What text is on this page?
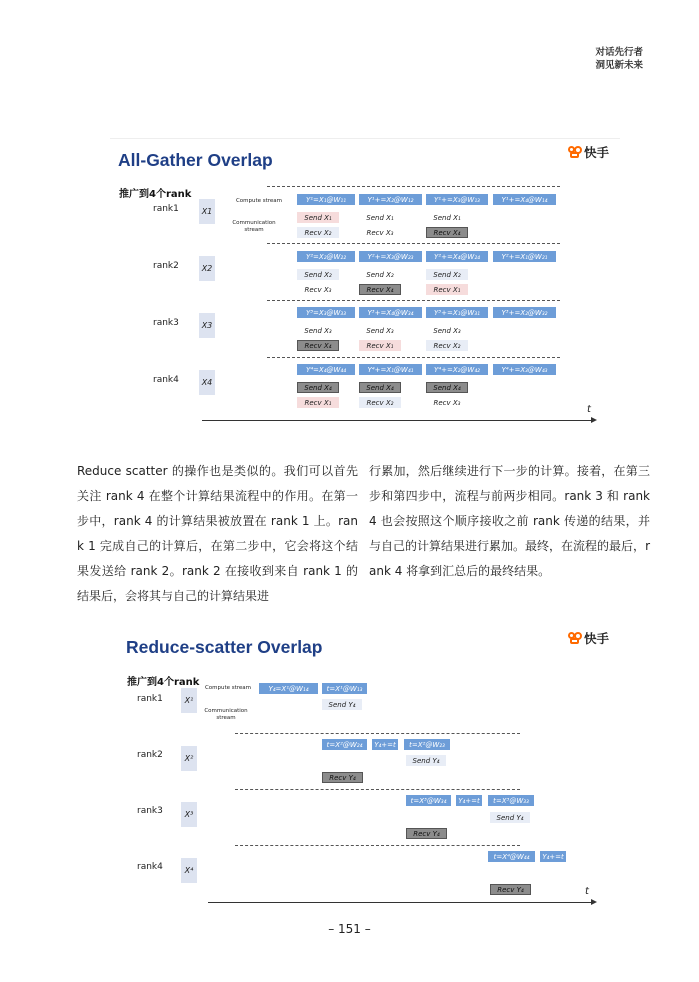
对话先行者
洞见新未来
All-Gather Overlap	快手
推广到4个rank
Compute stream
Communication stream
rank1	X1
Y¹=X₁@W₁₁	Y¹+=X₂@W₁₂	Y¹+=X₃@W₁₃	Y¹+=X₄@W₁₄
Send X₁	Send X₁	Send X₁
Recv X₂	Recv X₃	Recv X₄
rank2	X2
Y²=X₂@W₂₂	Y²+=X₃@W₂₃	Y²+=X₄@W₂₄	Y²+=X₁@W₂₁
Send X₂	Send X₂	Send X₂
Recv X₃	Recv X₄	Recv X₁
rank3	X3
Y³=X₃@W₃₃	Y³+=X₄@W₃₄	Y³+=X₁@W₃₁	Y³+=X₂@W₃₂
Send X₃	Send X₃	Send X₃
Recv X₄	Recv X₁	Recv X₂
rank4	X4
Y⁴=X₄@W₄₄	Y⁴+=X₁@W₄₁	Y⁴+=X₂@W₄₂	Y⁴+=X₃@W₄₃
Send X₄	Send X₄	Send X₄
Recv X₁	Recv X₂	Recv X₃
t
Reduce scatter 的操作也是类似的。我们可以首先关注 rank 4 在整个计算结果流程中的作用。在第一步中，rank 4 的计算结果被放置在 rank 1 上。rank 1 完成自己的计算后，在第二步中，它会将这个结果发送给 rank 2。rank 2 在接收到来自 rank 1 的结果后，会将其与自己的计算结果进
行累加，然后继续进行下一步的计算。接着，在第三步和第四步中，流程与前两步相同。rank 3 和 rank 4 也会按照这个顺序接收之前 rank 传递的结果，并与自己的计算结果进行累加。最终，在流程的最后，rank 4 将拿到汇总后的最终结果。
Reduce-scatter Overlap	快手
推广到4个rank	Compute stream
Communication stream
rank1	X¹
Y₄=X¹@W₁₄	t=X¹@W₁₃
Send Y₄
rank2	X²
t=X²@W₂₄	Y₄+=t	t=X²@W₂₃
Send Y₄
Recv Y₄
rank3	X³
t=X³@W₃₄	Y₄+=t	t=X³@W₃₃
Send Y₄
Recv Y₄
rank4	X⁴
t=X⁴@W₄₄	Y₄+=t
Recv Y₄	t
– 151 –
